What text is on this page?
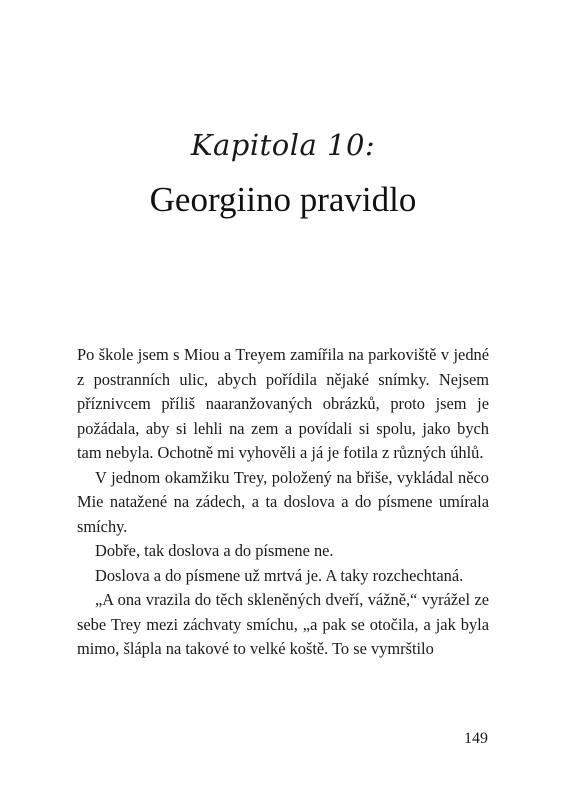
Kapitola 10:
Georgiino pravidlo

Po škole jsem s Miou a Treyem zamířila na parkoviště v jedné z postranních ulic, abych pořídila nějaké snímky. Nejsem příznivcem příliš naaranžovaných obrázků, proto jsem je požádala, aby si lehli na zem a povídali si spolu, jako bych tam nebyla. Ochotně mi vyhověli a já je fotila z různých úhlů.

V jednom okamžiku Trey, položený na břiše, vykládal něco Mie natažené na zádech, a ta doslova a do písmene umírala smíchy.

Dobře, tak doslova a do písmene ne.

Doslova a do písmene už mrtvá je. A taky rozchechtaná.

„A ona vrazila do těch skleněných dveří, vážně,“ vyrážel ze sebe Trey mezi záchvaty smíchu, „a pak se otočila, a jak byla mimo, šlápla na takové to velké koště. To se vymrštilo

149
